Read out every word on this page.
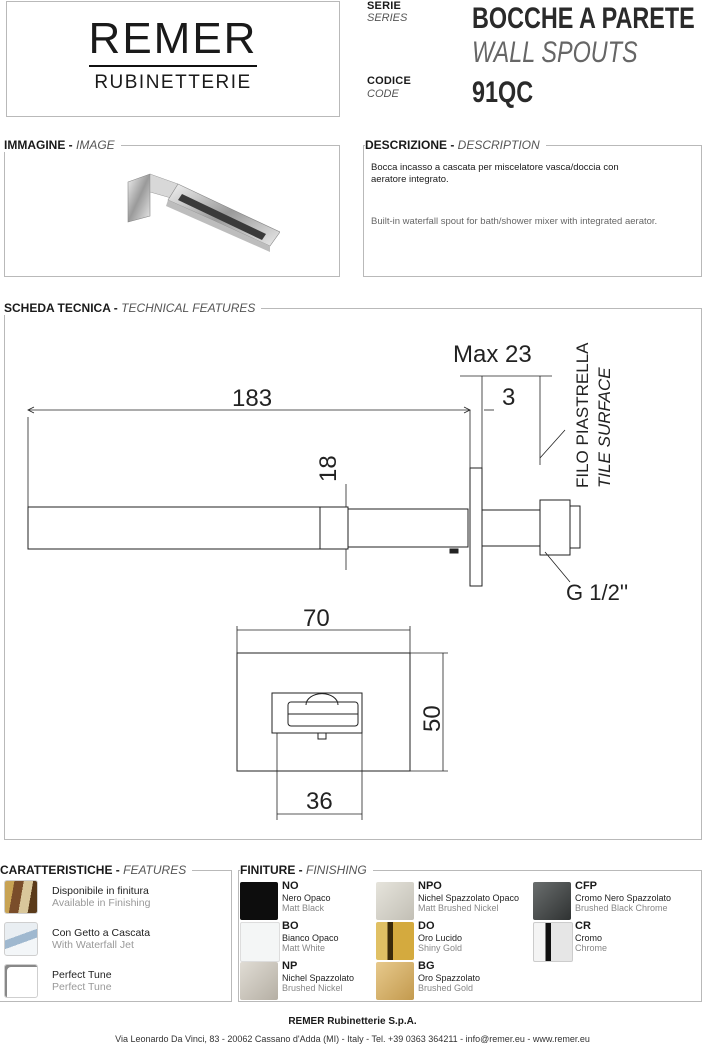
REMER
RUBINETTERIE
SERIE
SERIES
CODICE
CODE
BOCCHE A PARETE
WALL SPOUTS
91QC
IMMAGINE - IMAGE	DESCRIZIONE - DESCRIPTION
Bocca incasso a cascata per miscelatore vasca/doccia con aeratore integrato.
Built-in waterfall spout for bath/shower mixer with integrated aerator.
SCHEDA TECNICA - TECHNICAL FEATURES
183
Max 23
3
18	FILO PIASTRELLA TILE SURFACE
G 1/2''
70
50
36
CARATTERISTICHE - FEATURES
Disponibile in finitura
Available in Finishing
Con Getto a Cascata
With Waterfall Jet
Perfect Tune
Perfect Tune
FINITURE - FINISHING
NO
Nero Opaco
Matt Black
BO
Bianco Opaco
Matt White
NP
Nichel Spazzolato
Brushed Nickel
NPO
Nichel Spazzolato Opaco
Matt Brushed Nickel
DO
Oro Lucido
Shiny Gold
BG
Oro Spazzolato
Brushed Gold
CFP
Cromo Nero Spazzolato
Brushed Black Chrome
CR
Cromo
Chrome
REMER Rubinetterie S.p.A.
Via Leonardo Da Vinci, 83 - 20062 Cassano d'Adda (MI) - Italy - Tel. +39 0363 364211 - info@remer.eu - www.remer.eu
